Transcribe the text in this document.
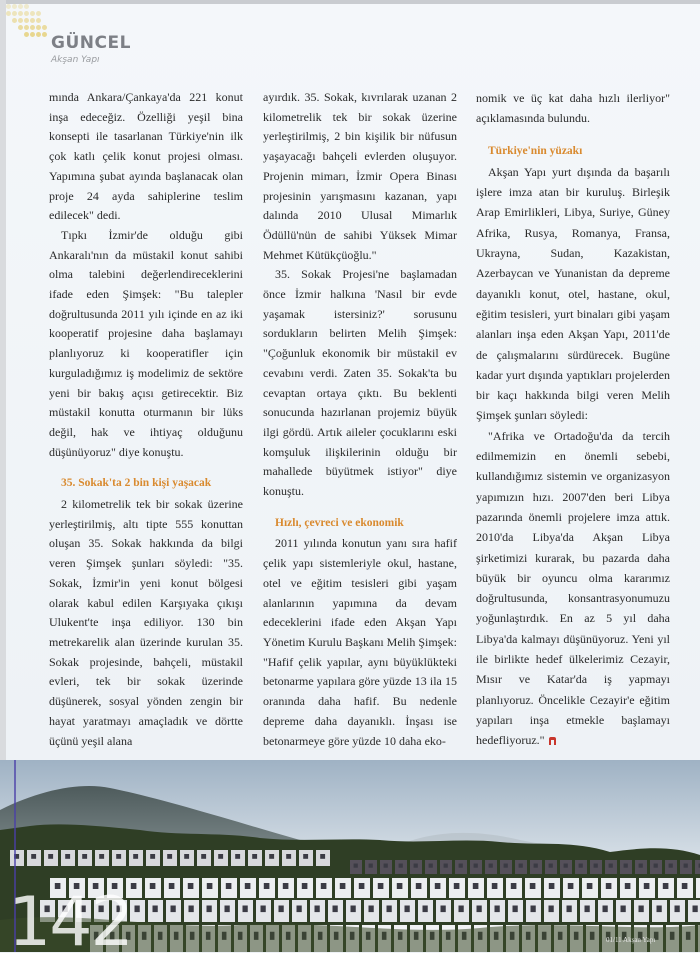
GÜNCEL
Akşan Yapı

mında Ankara/Çankaya'da 221 konut inşa edeceğiz. Özelliği yeşil bina konsepti ile tasarlanan Türkiye'nin ilk çok katlı çelik konut projesi olması. Yapımına şubat ayında başlanacak olan proje 24 ayda sahiplerine teslim edilecek" dedi.

Tıpkı İzmir'de olduğu gibi Ankaralı'nın da müstakil konut sahibi olma talebini değerlendireceklerini ifade eden Şimşek: "Bu talepler doğrultusunda 2011 yılı içinde en az iki kooperatif projesine daha başlamayı planlıyoruz ki kooperatifler için kurguladığımız iş modelimiz de sektöre yeni bir bakış açısı getirecektir. Biz müstakil konutta oturmanın bir lüks değil, hak ve ihtiyaç olduğunu düşünüyoruz" diye konuştu.

35. Sokak'ta 2 bin kişi yaşacak

2 kilometrelik tek bir sokak üzerine yerleştirilmiş, altı tipte 555 konuttan oluşan 35. Sokak hakkında da bilgi veren Şimşek şunları söyledi: "35. Sokak, İzmir'in yeni konut bölgesi olarak kabul edilen Karşıyaka çıkışı Ulukent'te inşa ediliyor. 130 bin metrekarelik alan üzerinde kurulan 35. Sokak projesinde, bahçeli, müstakil evleri, tek bir sokak üzerinde düşünerek, sosyal yönden zengin bir hayat yaratmayı amaçladık ve dörtte üçünü yeşil alana

ayırdık. 35. Sokak, kıvrılarak uzanan 2 kilometrelik tek bir sokak üzerine yerleştirilmiş, 2 bin kişilik bir nüfusun yaşayacağı bahçeli evlerden oluşuyor. Projenin mimarı, İzmir Opera Binası projesinin yarışmasını kazanan, yapı dalında 2010 Ulusal Mimarlık Ödüllü'nün de sahibi Yüksek Mimar Mehmet Kütükçüoğlu."

35. Sokak Projesi'ne başlamadan önce İzmir halkına 'Nasıl bir evde yaşamak istersiniz?' sorusunu sordukların belirten Melih Şimşek: "Çoğunluk ekonomik bir müstakil ev cevabını verdi. Zaten 35. Sokak'ta bu cevaptan ortaya çıktı. Bu beklenti sonucunda hazırlanan projemiz büyük ilgi gördü. Artık aileler çocuklarını eski komşuluk ilişkilerinin olduğu bir mahallede büyütmek istiyor" diye konuştu.

Hızlı, çevreci ve ekonomik

2011 yılında konutun yanı sıra hafif çelik yapı sistemleriyle okul, hastane, otel ve eğitim tesisleri gibi yaşam alanlarının yapımına da devam edeceklerini ifade eden Akşan Yapı Yönetim Kurulu Başkanı Melih Şimşek: "Hafif çelik yapılar, aynı büyüklükteki betonarme yapılara göre yüzde 13 ila 15 oranında daha hafif. Bu nedenle depreme daha dayanıklı. İnşası ise betonarmeye göre yüzde 10 daha eko-

nomik ve üç kat daha hızlı ilerliyor" açıklamasında bulundu.

Türkiye'nin yüzakı

Akşan Yapı yurt dışında da başarılı işlere imza atan bir kuruluş. Birleşik Arap Emirlikleri, Libya, Suriye, Güney Afrika, Rusya, Romanya, Fransa, Ukrayna, Sudan, Kazakistan, Azerbaycan ve Yunanistan da depreme dayanıklı konut, otel, hastane, okul, eğitim tesisleri, yurt binaları gibi yaşam alanları inşa eden Akşan Yapı, 2011'de de çalışmalarını sürdürecek. Bugüne kadar yurt dışında yaptıkları projelerden bir kaçı hakkında bilgi veren Melih Şimşek şunları söyledi:

"Afrika ve Ortadoğu'da da tercih edilmemizin en önemli sebebi, kullandığımız sistemin ve organizasyon yapımızın hızı. 2007'den beri Libya pazarında önemli projelere imza attık. 2010'da Libya'da Akşan Libya şirketimizi kurarak, bu pazarda daha büyük bir oyuncu olma kararımız doğrultusunda, konsantrasyonumuzu yoğunlaştırdık. En az 5 yıl daha Libya'da kalmayı düşünüyoruz. Yeni yıl ile birlikte hedef ülkelerimiz Cezayir, Mısır ve Katar'da iş yapmayı planlıyoruz. Öncelikle Cezayir'e eğitim yapıları inşa etmekle başlamayı hedefliyoruz."

142	01/11 Akşan Yapı
